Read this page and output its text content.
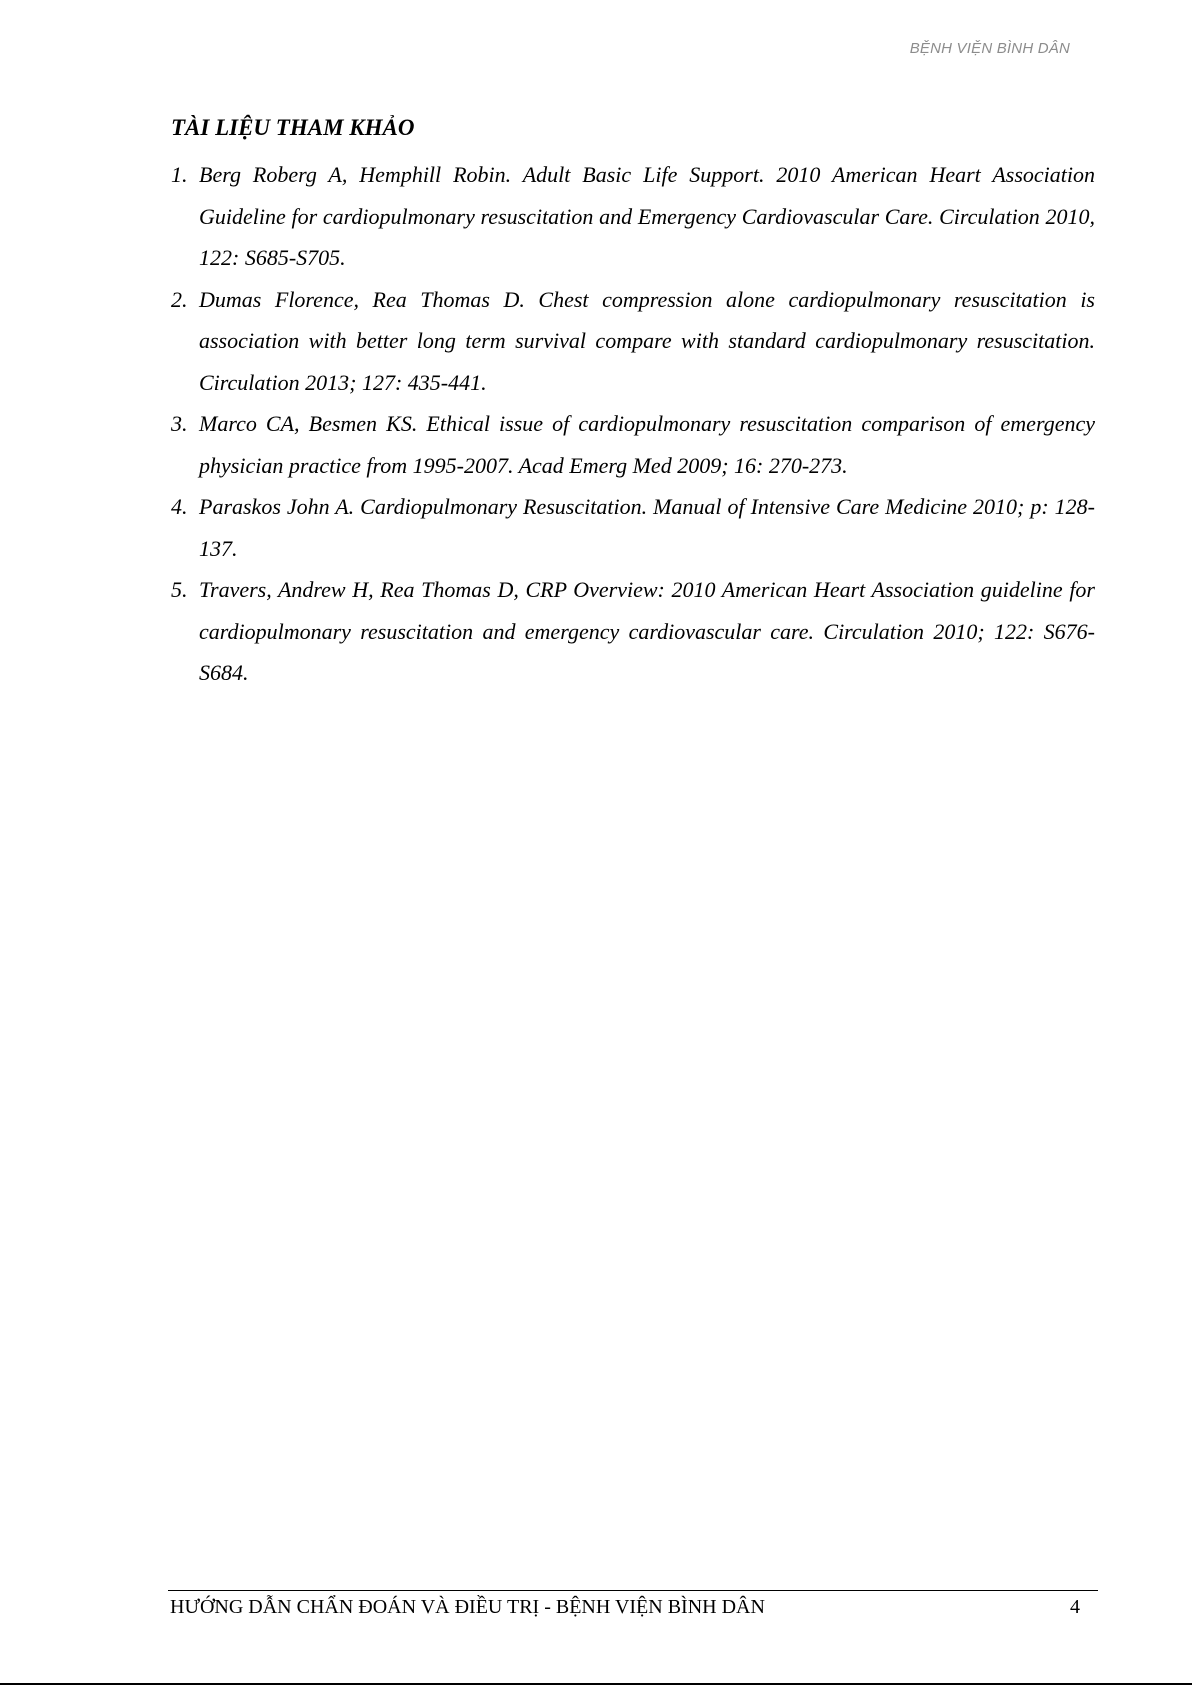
BỆNH VIỆN BÌNH DÂN
TÀI LIỆU THAM KHẢO
1. Berg Roberg A, Hemphill Robin. Adult Basic Life Support. 2010 American Heart Association Guideline for cardiopulmonary resuscitation and Emergency Cardiovascular Care. Circulation 2010, 122: S685-S705.
2. Dumas Florence, Rea Thomas D. Chest compression alone cardiopulmonary resuscitation is association with better long term survival compare with standard cardiopulmonary resuscitation. Circulation 2013; 127: 435-441.
3. Marco CA, Besmen KS. Ethical issue of cardiopulmonary resuscitation comparison of emergency physician practice from 1995-2007. Acad Emerg Med 2009; 16: 270-273.
4. Paraskos John A. Cardiopulmonary Resuscitation. Manual of Intensive Care Medicine 2010; p: 128-137.
5. Travers, Andrew H, Rea Thomas D, CRP Overview: 2010 American Heart Association guideline for cardiopulmonary resuscitation and emergency cardiovascular care. Circulation 2010; 122: S676-S684.
HƯỚNG DẪN CHẨN ĐOÁN VÀ ĐIỀU TRỊ - BỆNH VIỆN BÌNH DÂN	4
